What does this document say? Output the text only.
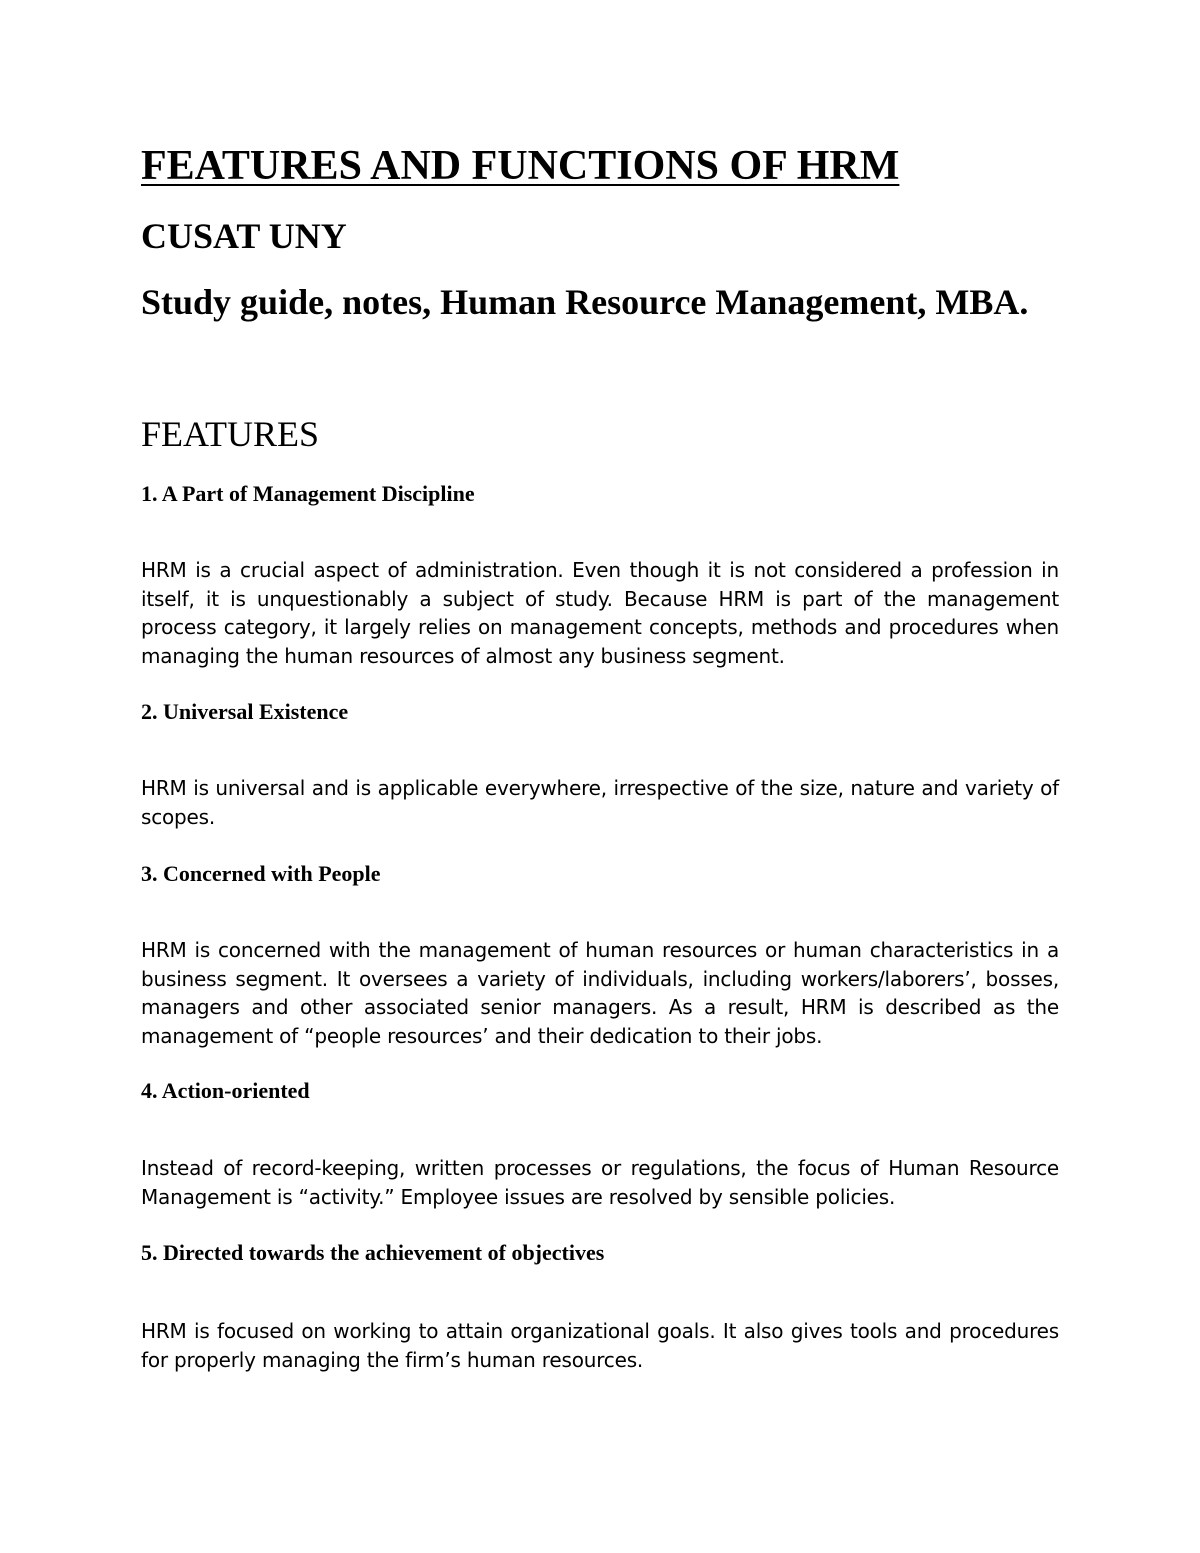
FEATURES AND FUNCTIONS OF HRM
CUSAT UNY
Study guide, notes, Human Resource Management, MBA.
FEATURES
1. A Part of Management Discipline

HRM is a crucial aspect of administration. Even though it is not considered a profession in itself, it is unquestionably a subject of study. Because HRM is part of the management process category, it largely relies on management concepts, methods and procedures when managing the human resources of almost any business segment.

2. Universal Existence

HRM is universal and is applicable everywhere, irrespective of the size, nature and variety of scopes.

3. Concerned with People

HRM is concerned with the management of human resources or human characteristics in a business segment. It oversees a variety of individuals, including workers/laborers’, bosses, managers and other associated senior managers. As a result, HRM is described as the management of “people resources’ and their dedication to their jobs.

4. Action-oriented

Instead of record-keeping, written processes or regulations, the focus of Human Resource Management is “activity.” Employee issues are resolved by sensible policies.

5. Directed towards the achievement of objectives

HRM is focused on working to attain organizational goals. It also gives tools and procedures for properly managing the firm’s human resources.
